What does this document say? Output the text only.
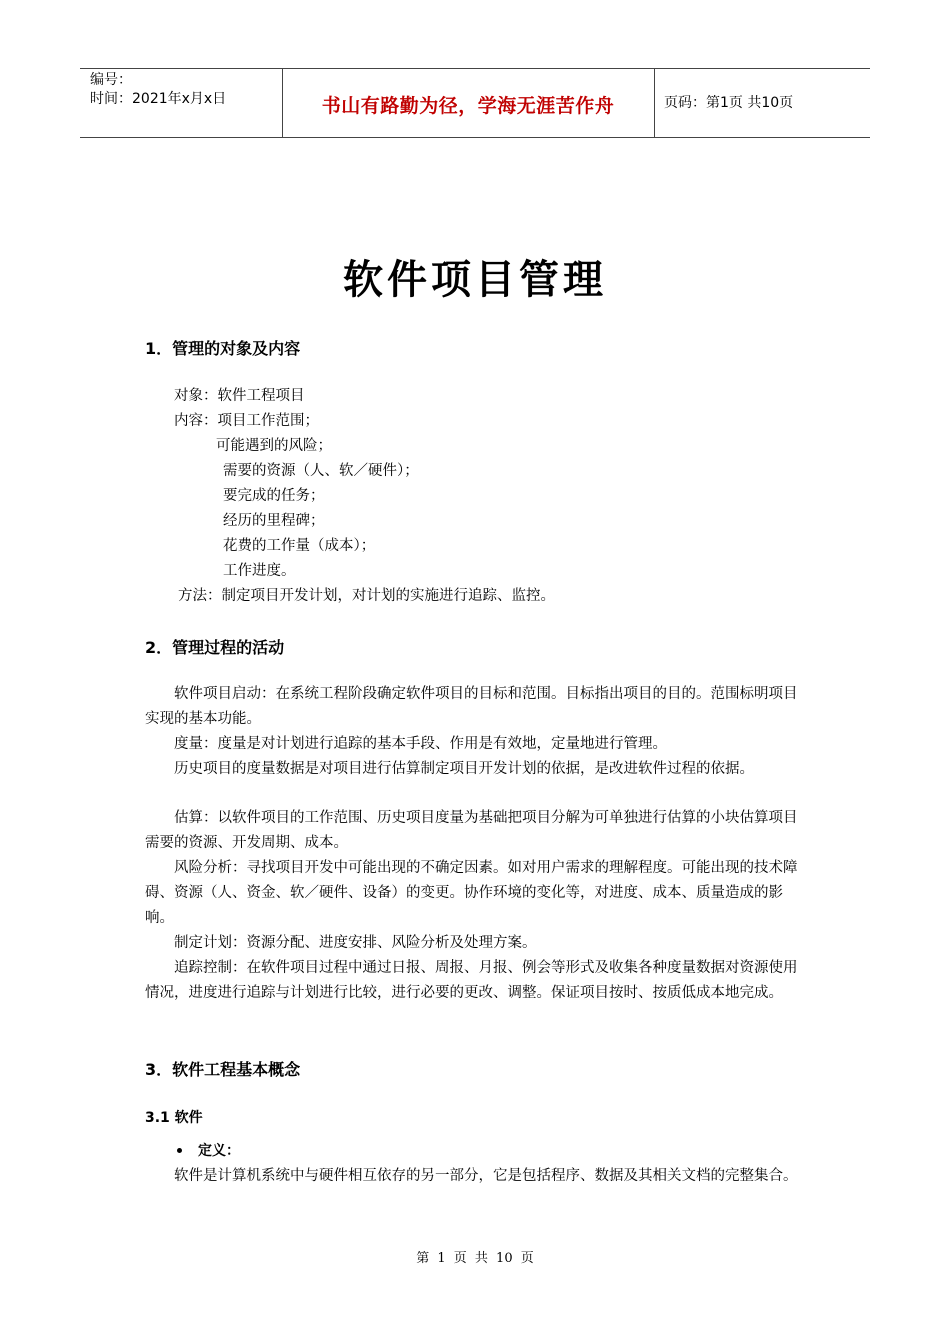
编号：
时间：2021年x月x日	书山有路勤为径，学海无涯苦作舟	页码：第1页 共10页
软件项目管理
1．管理的对象及内容
对象：软件工程项目
内容：项目工作范围；
可能遇到的风险；
需要的资源（人、软／硬件）；
要完成的任务；
经历的里程碑；
花费的工作量（成本）；
工作进度。
方法：制定项目开发计划，对计划的实施进行追踪、监控。
2．管理过程的活动
软件项目启动：在系统工程阶段确定软件项目的目标和范围。目标指出项目的目的。范围标明项目实现的基本功能。
度量：度量是对计划进行追踪的基本手段、作用是有效地，定量地进行管理。
历史项目的度量数据是对项目进行估算制定项目开发计划的依据，是改进软件过程的依据。
估算：以软件项目的工作范围、历史项目度量为基础把项目分解为可单独进行估算的小块估算项目需要的资源、开发周期、成本。
风险分析：寻找项目开发中可能出现的不确定因素。如对用户需求的理解程度。可能出现的技术障碍、资源（人、资金、软／硬件、设备）的变更。协作环境的变化等，对进度、成本、质量造成的影响。
制定计划：资源分配、进度安排、风险分析及处理方案。
追踪控制：在软件项目过程中通过日报、周报、月报、例会等形式及收集各种度量数据对资源使用情况，进度进行追踪与计划进行比较，进行必要的更改、调整。保证项目按时、按质低成本地完成。
3．软件工程基本概念
3.1 软件
定义：
软件是计算机系统中与硬件相互依存的另一部分，它是包括程序、数据及其相关文档的完整集合。
第 1 页 共 10 页
